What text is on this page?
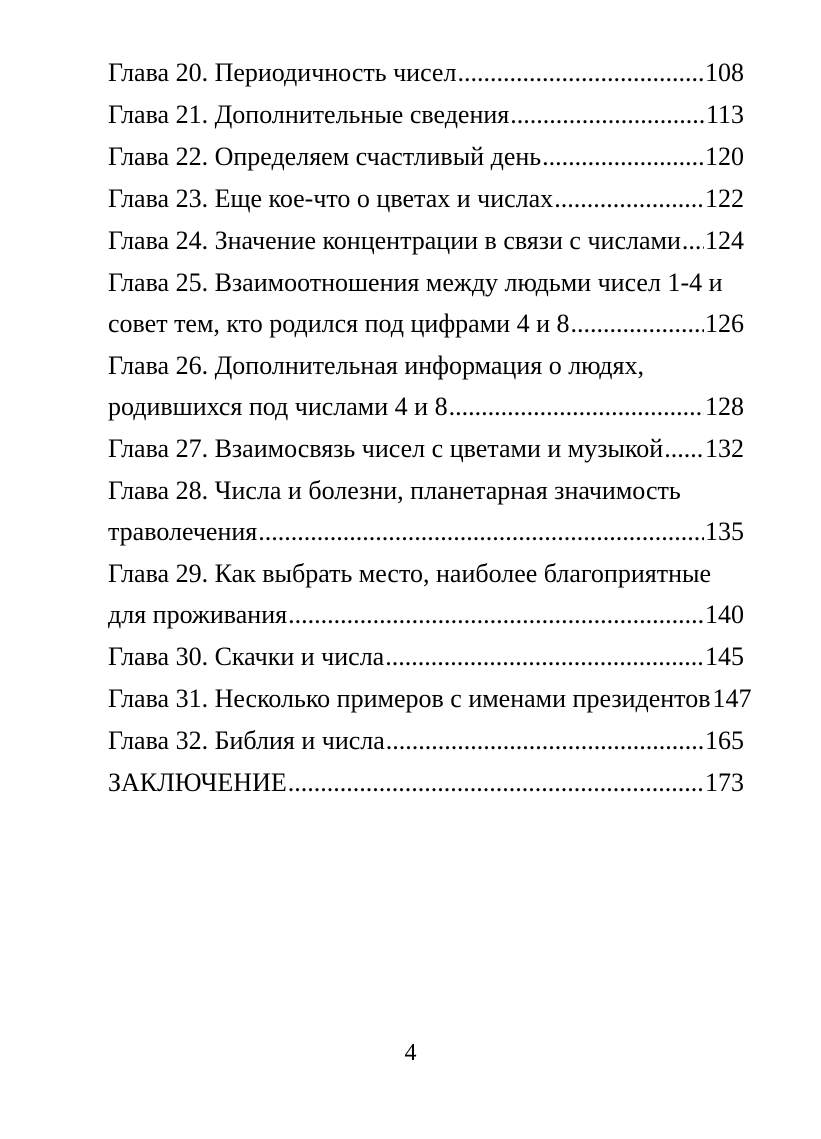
Глава 20. Периодичность чисел .....	108
Глава 21. Дополнительные сведения .....	113
Глава 22. Определяем счастливый день .....	120
Глава 23. Еще кое-что о цветах и числах .....	122
Глава 24. Значение концентрации в связи с числами ..... 124
Глава 25. Взаимоотношения между людьми чисел 1-4 и
совет тем, кто родился под цифрами 4 и 8 .....	126
Глава 26. Дополнительная информация о людях,
родившихся под числами 4 и 8 .....	128
Глава 27. Взаимосвязь чисел с цветами и музыкой ..... 132
Глава 28. Числа и болезни, планетарная значимость
траволечения .....	135
Глава 29. Как выбрать место, наиболее благоприятные
для проживания .....	140
Глава 30. Скачки и числа .....	145
Глава 31. Несколько примеров с именами президентов 147
Глава 32. Библия и числа .....	165
ЗАКЛЮЧЕНИЕ .....	173
4
